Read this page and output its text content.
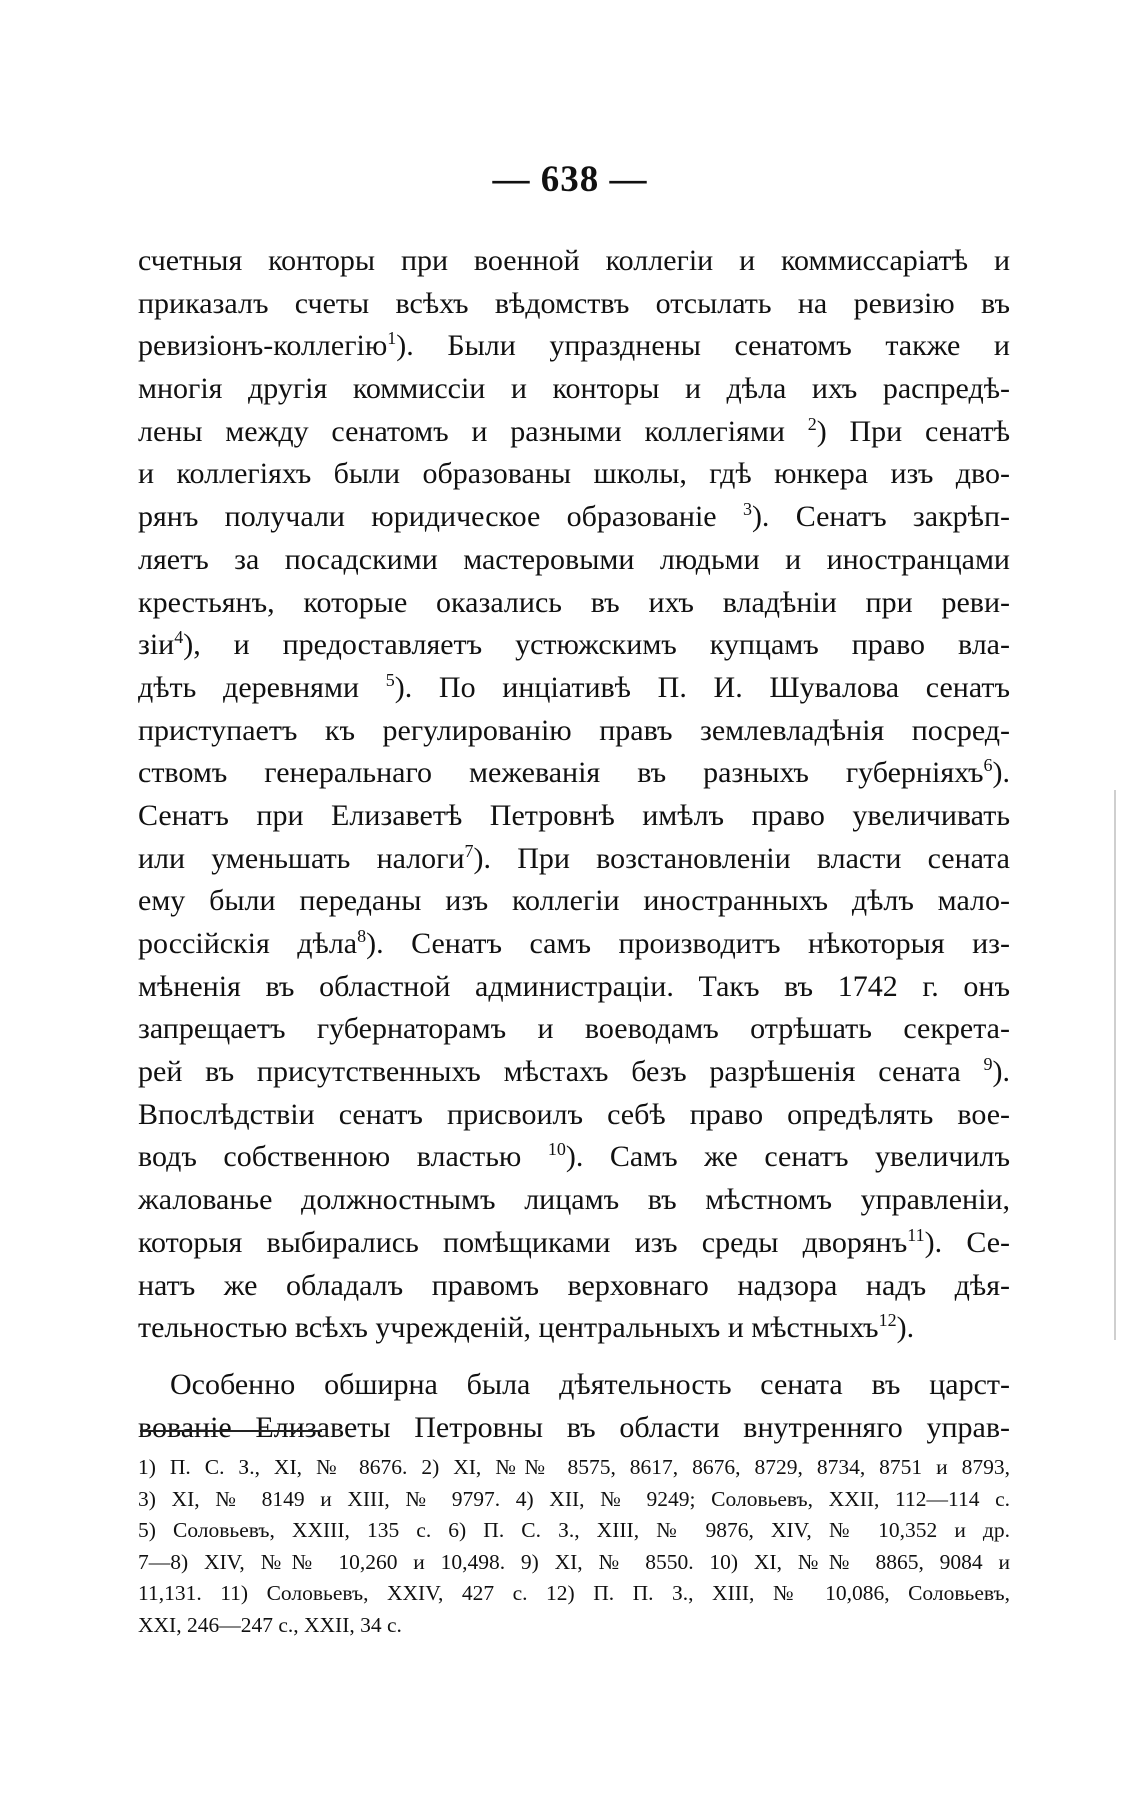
— 638 —
счетныя конторы при военной коллегіи и коммиссаріатѣ и
приказалъ счеты всѣхъ вѣдомствъ отсылать на ревизію въ
ревизіонъ-коллегію$^1$). Были упразднены сенатомъ также и
многія другія коммиссіи и конторы и дѣла ихъ распредѣ-
лены между сенатомъ и разными коллегіями $^2$) При сенатѣ
и коллегіяхъ были образованы школы, гдѣ юнкера изъ дво-
рянъ получали юридическое образованіе $^3$). Сенатъ закрѣп-
ляетъ за посадскими мастеровыми людьми и иностранцами
крестьянъ, которые оказались въ ихъ владѣніи при реви-
зіи$^4$), и предоставляетъ устюжскимъ купцамъ право вла-
дѣть деревнями $^5$). По инціативѣ П. И. Шувалова сенатъ
приступаетъ къ регулированію правъ землевладѣнія посред-
ствомъ генеральнаго межеванія въ разныхъ губерніяхъ$^6$).
Сенатъ при Елизаветѣ Петровнѣ имѣлъ право увеличивать
или уменьшать налоги$^7$). При возстановленіи власти сената
ему были переданы изъ коллегіи иностранныхъ дѣлъ мало-
россійскія дѣла$^8$). Сенатъ самъ производитъ нѣкоторыя из-
мѣненія въ областной администраціи. Такъ въ 1742 г. онъ
запрещаетъ губернаторамъ и воеводамъ отрѣшать секрета-
рей въ присутственныхъ мѣстахъ безъ разрѣшенія сената $^9$).
Впослѣдствіи сенатъ присвоилъ себѣ право опредѣлять вое-
водъ собственною властью $^{10}$). Самъ же сенатъ увеличилъ
жалованье должностнымъ лицамъ въ мѣстномъ управленіи,
которыя выбирались помѣщиками изъ среды дворянъ$^{11}$). Се-
натъ же обладалъ правомъ верховнаго надзора надъ дѣя-
тельностью всѣхъ учрежденій, центральныхъ и мѣстныхъ$^{12}$).
Особенно обширна была дѣятельность сената въ царст-
вованіе Елизаветы Петровны въ области внутренняго управ-
1) П. С. З., XI, № 8676. 2) XI, №№ 8575, 8617, 8676, 8729, 8734, 8751 и 8793,
3) XI, № 8149 и XIII, № 9797. 4) XII, № 9249; Соловьевъ, XXII, 112—114 с.
5) Соловьевъ, XXIII, 135 с. 6) П. С. З., XIII, № 9876, XIV, № 10,352 и др.
7—8) XIV, №№ 10,260 и 10,498. 9) XI, № 8550. 10) XI, №№ 8865, 9084 и
11,131. 11) Соловьевъ, XXIV, 427 с. 12) П. П. З., XIII, № 10,086, Соловьевъ,
XXI, 246—247 с., XXII, 34 с.
